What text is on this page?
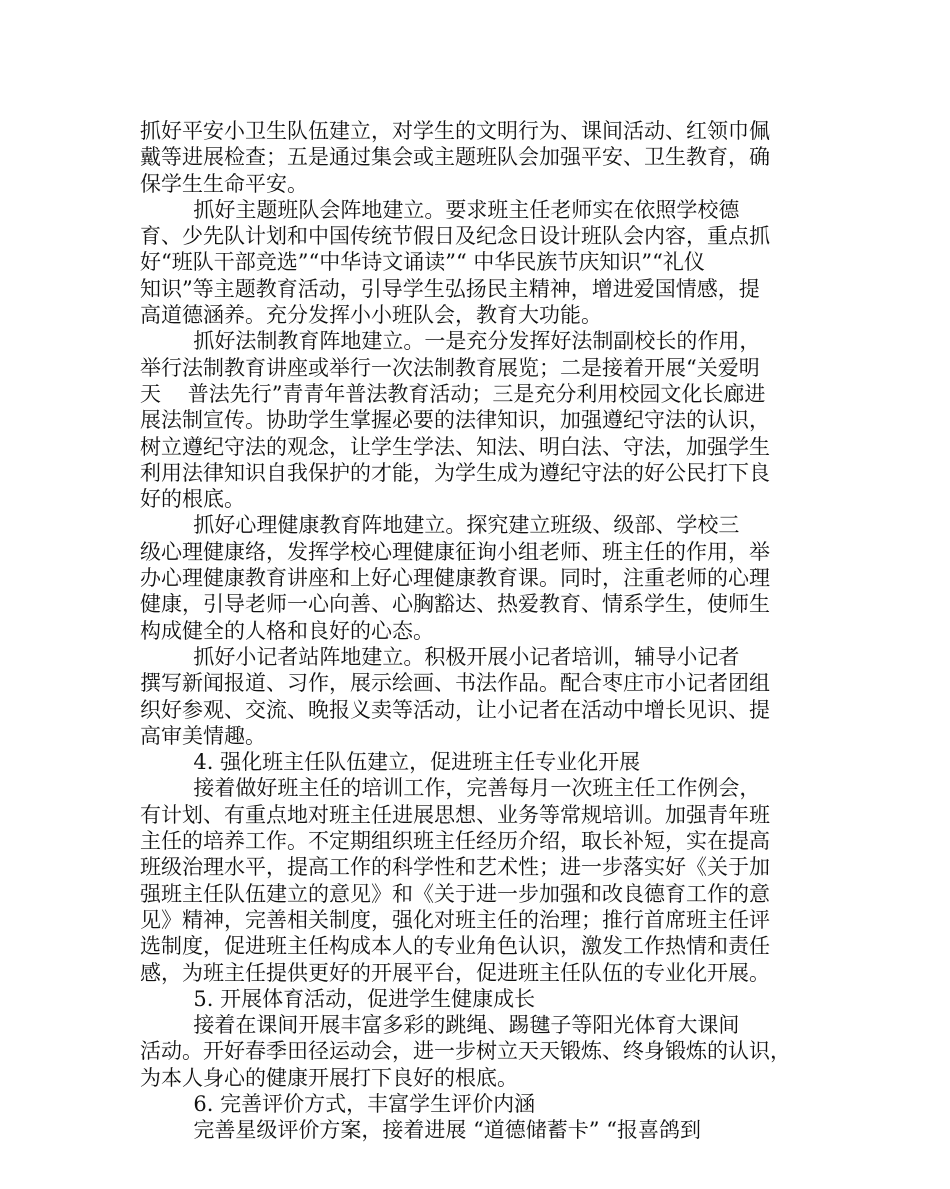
抓好平安小卫生队伍建立，对学生的文明行为、课间活动、红领巾佩
戴等进展检查；五是通过集会或主题班队会加强平安、卫生教育，确
保学生生命平安。
抓好主题班队会阵地建立。要求班主任老师实在依照学校德
育、少先队计划和中国传统节假日及纪念日设计班队会内容，重点抓
好“班队干部竞选”“中华诗文诵读”“ 中华民族节庆知识”“礼仪
知识”等主题教育活动，引导学生弘扬民主精神，增进爱国情感，提
高道德涵养。充分发挥小小班队会，教育大功能。
抓好法制教育阵地建立。一是充分发挥好法制副校长的作用，
举行法制教育讲座或举行一次法制教育展览；二是接着开展“关爱明
天    普法先行”青青年普法教育活动；三是充分利用校园文化长廊进
展法制宣传。协助学生掌握必要的法律知识，加强遵纪守法的认识，
树立遵纪守法的观念，让学生学法、知法、明白法、守法，加强学生
利用法律知识自我保护的才能，为学生成为遵纪守法的好公民打下良
好的根底。
抓好心理健康教育阵地建立。探究建立班级、级部、学校三
级心理健康络，发挥学校心理健康征询小组老师、班主任的作用，举
办心理健康教育讲座和上好心理健康教育课。同时，注重老师的心理
健康，引导老师一心向善、心胸豁达、热爱教育、情系学生，使师生
构成健全的人格和良好的心态。
抓好小记者站阵地建立。积极开展小记者培训，辅导小记者
撰写新闻报道、习作，展示绘画、书法作品。配合枣庄市小记者团组
织好参观、交流、晚报义卖等活动，让小记者在活动中增长见识、提
高审美情趣。
4. 强化班主任队伍建立，促进班主任专业化开展
接着做好班主任的培训工作，完善每月一次班主任工作例会，
有计划、有重点地对班主任进展思想、业务等常规培训。加强青年班
主任的培养工作。不定期组织班主任经历介绍，取长补短，实在提高
班级治理水平，提高工作的科学性和艺术性；进一步落实好《关于加
强班主任队伍建立的意见》和《关于进一步加强和改良德育工作的意
见》精神，完善相关制度，强化对班主任的治理；推行首席班主任评
选制度，促进班主任构成本人的专业角色认识，激发工作热情和责任
感，为班主任提供更好的开展平台，促进班主任队伍的专业化开展。
5. 开展体育活动，促进学生健康成长
接着在课间开展丰富多彩的跳绳、踢毽子等阳光体育大课间
活动。开好春季田径运动会，进一步树立天天锻炼、终身锻炼的认识，
为本人身心的健康开展打下良好的根底。
6. 完善评价方式，丰富学生评价内涵
完善星级评价方案，接着进展 “道德储蓄卡” “报喜鸽到
